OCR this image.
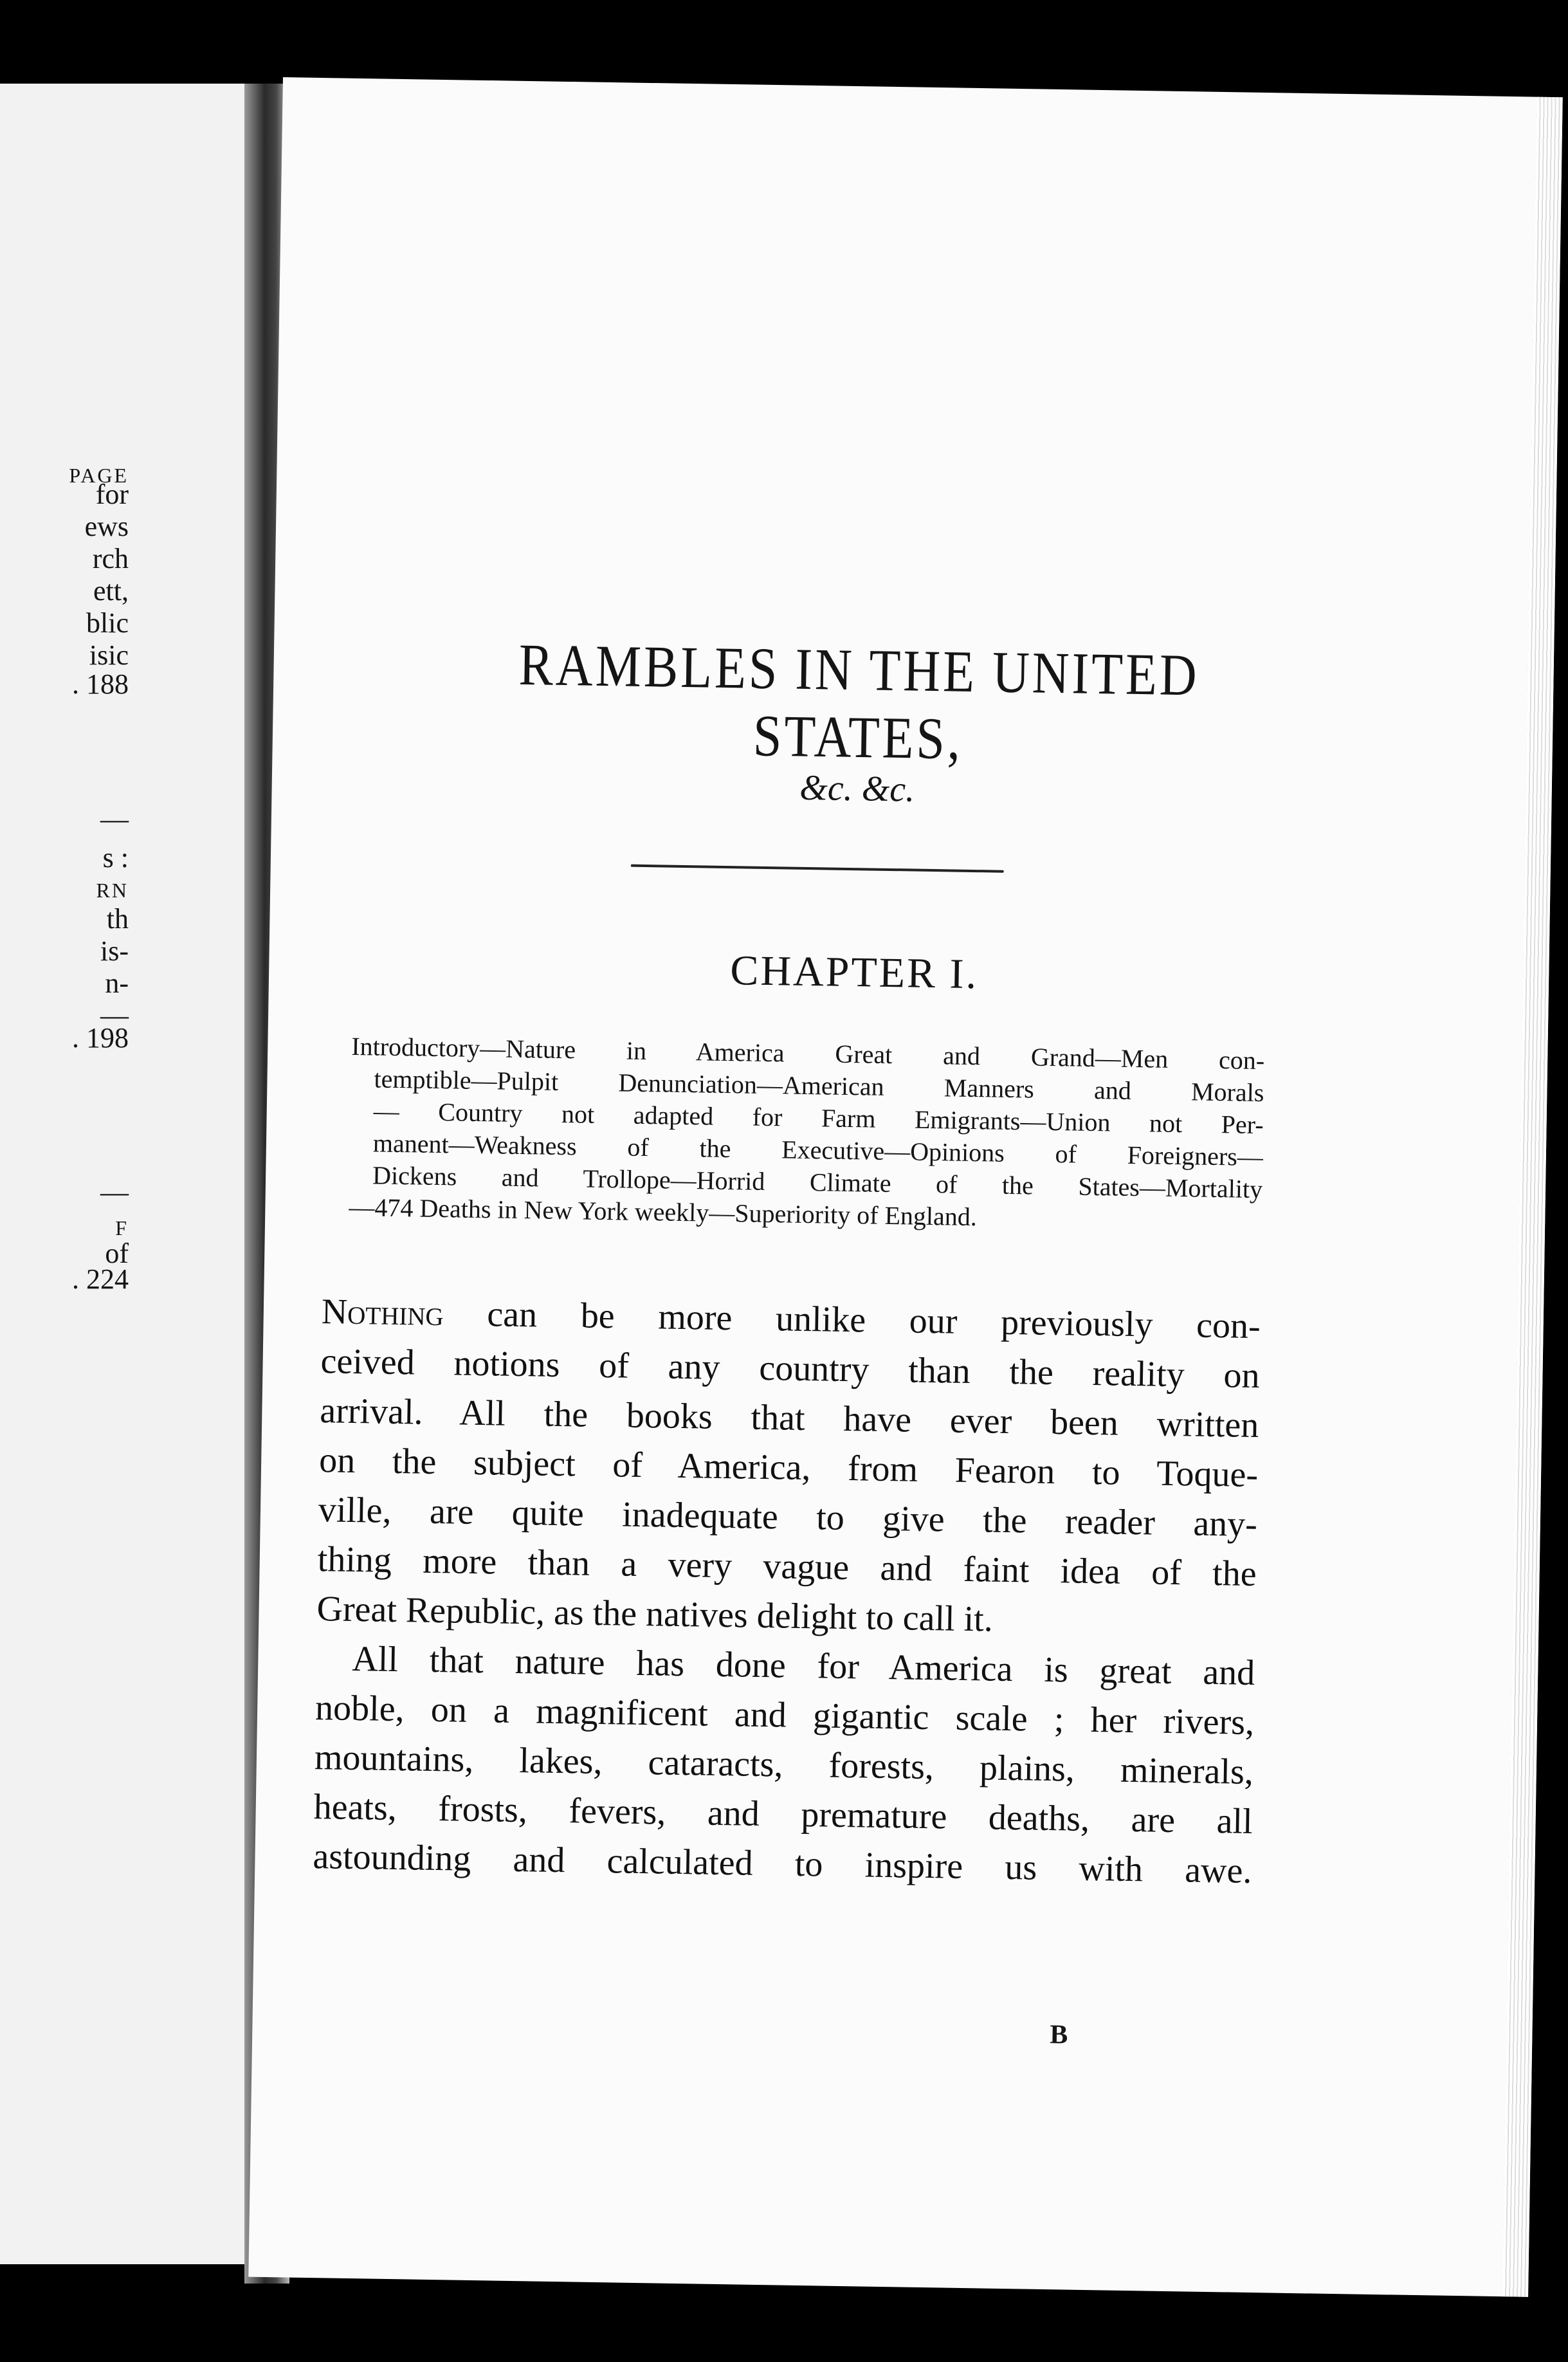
RAMBLES IN THE UNITED STATES,
&c. &c.
CHAPTER I.
Introductory—Nature in America Great and Grand—Men con-
temptible—Pulpit Denunciation—American Manners and Morals
— Country not adapted for Farm Emigrants—Union not Per-
manent—Weakness of the Executive—Opinions of Foreigners—
Dickens and Trollope—Horrid Climate of the States—Mortality
—474 Deaths in New York weekly—Superiority of England.
Nothing can be more unlike our previously con-
ceived notions of any country than the reality on
arrival. All the books that have ever been written
on the subject of America, from Fearon to Toque-
ville, are quite inadequate to give the reader any-
thing more than a very vague and faint idea of the
Great Republic, as the natives delight to call it.
All that nature has done for America is great and
noble, on a magnificent and gigantic scale ; her rivers,
mountains, lakes, cataracts, forests, plains, minerals,
heats, frosts, fevers, and premature deaths, are all
astounding and calculated to inspire us with awe.
B
PAGE
for
ews
rch
ett,
blic
isic
. 188
—
s :
RN
th
is-
n-
—
. 198
—
F
of
. 224
